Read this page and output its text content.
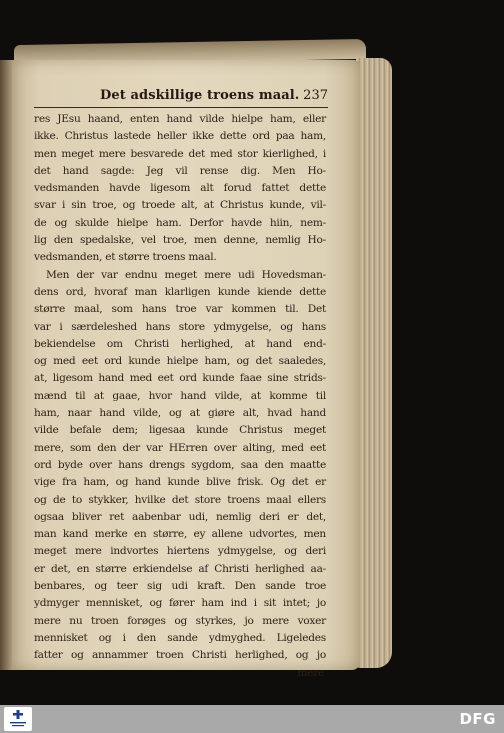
Det adskillige troens maal. 237
res JEsu haand, enten hand vilde hielpe ham, eller
ikke. Christus lastede heller ikke dette ord paa ham,
men meget mere besvarede det med stor kierlighed, i
det hand sagde: Jeg vil rense dig. Men Ho-
vedsmanden havde ligesom alt forud fattet dette
svar i sin troe, og troede alt, at Christus kunde, vil-
de og skulde hielpe ham. Derfor havde hiin, nem-
lig den spedalske, vel troe, men denne, nemlig Ho-
vedsmanden, et større troens maal.
Men der var endnu meget mere udi Hovedsman-
dens ord, hvoraf man klarligen kunde kiende dette
større maal, som hans troe var kommen til. Det
var i særdeleshed hans store ydmygelse, og hans
bekiendelse om Christi herlighed, at hand end-
og med eet ord kunde hielpe ham, og det saaledes,
at, ligesom hand med eet ord kunde faae sine strids-
mænd til at gaae, hvor hand vilde, at komme til
ham, naar hand vilde, og at giøre alt, hvad hand
vilde befale dem; ligesaa kunde Christus meget
mere, som den der var HErren over alting, med eet
ord byde over hans drengs sygdom, saa den maatte
vige fra ham, og hand kunde blive frisk. Og det er
og de to stykker, hvilke det store troens maal ellers
ogsaa bliver ret aabenbar udi, nemlig deri er det,
man kand merke en større, ey allene udvortes, men
meget mere indvortes hiertens ydmygelse, og deri
er det, en større erkiendelse af Christi herlighed aa-
benbares, og teer sig udi kraft. Den sande troe
ydmyger mennisket, og fører ham ind i sit intet; jo
mere nu troen forøges og styrkes, jo mere voxer
mennisket og i den sande ydmyghed. Ligeledes
fatter og annammer troen Christi herlighed, og jo
mere
DFG
